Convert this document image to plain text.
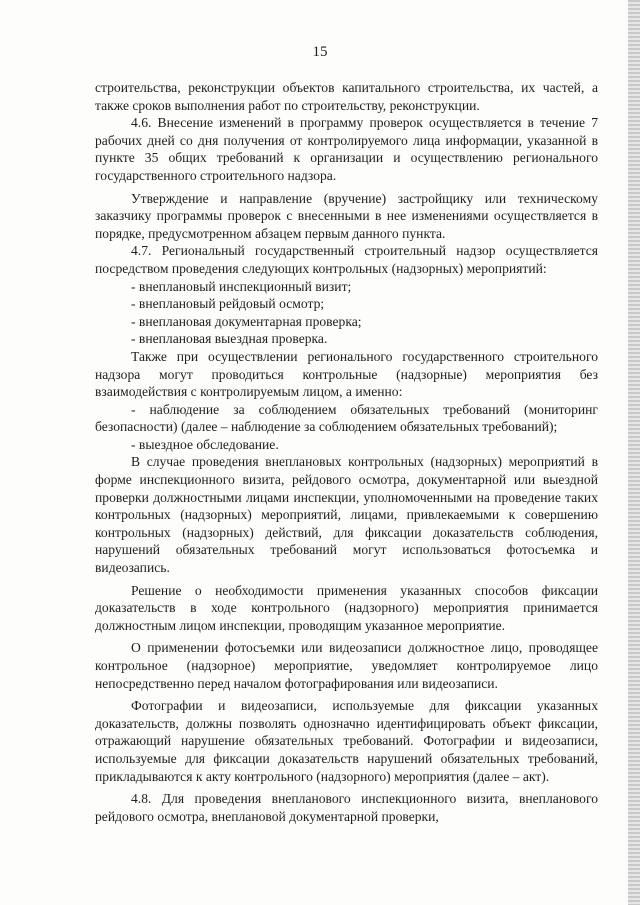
15

строительства, реконструкции объектов капитального строительства, их частей, а также сроков выполнения работ по строительству, реконструкции.

4.6. Внесение изменений в программу проверок осуществляется в течение 7 рабочих дней со дня получения от контролируемого лица информации, указанной в пункте 35 общих требований к организации и осуществлению регионального государственного строительного надзора.

Утверждение и направление (вручение) застройщику или техническому заказчику программы проверок с внесенными в нее изменениями осуществляется в порядке, предусмотренном абзацем первым данного пункта.

4.7. Региональный государственный строительный надзор осуществляется посредством проведения следующих контрольных (надзорных) мероприятий:

- внеплановый инспекционный визит;

- внеплановый рейдовый осмотр;

- внеплановая документарная проверка;

- внеплановая выездная проверка.

Также при осуществлении регионального государственного строительного надзора могут проводиться контрольные (надзорные) мероприятия без взаимодействия с контролируемым лицом, а именно:

- наблюдение за соблюдением обязательных требований (мониторинг безопасности) (далее – наблюдение за соблюдением обязательных требований);

- выездное обследование.

В случае проведения внеплановых контрольных (надзорных) мероприятий в форме инспекционного визита, рейдового осмотра, документарной или выездной проверки должностными лицами инспекции, уполномоченными на проведение таких контрольных (надзорных) мероприятий, лицами, привлекаемыми к совершению контрольных (надзорных) действий, для фиксации доказательств соблюдения, нарушений обязательных требований могут использоваться фотосъемка и видеозапись.

Решение о необходимости применения указанных способов фиксации доказательств в ходе контрольного (надзорного) мероприятия принимается должностным лицом инспекции, проводящим указанное мероприятие.

О применении фотосъемки или видеозаписи должностное лицо, проводящее контрольное (надзорное) мероприятие, уведомляет контролируемое лицо непосредственно перед началом фотографирования или видеозаписи.

Фотографии и видеозаписи, используемые для фиксации указанных доказательств, должны позволять однозначно идентифицировать объект фиксации, отражающий нарушение обязательных требований. Фотографии и видеозаписи, используемые для фиксации доказательств нарушений обязательных требований, прикладываются к акту контрольного (надзорного) мероприятия (далее – акт).

4.8. Для проведения внепланового инспекционного визита, внепланового рейдового осмотра, внеплановой документарной проверки,
